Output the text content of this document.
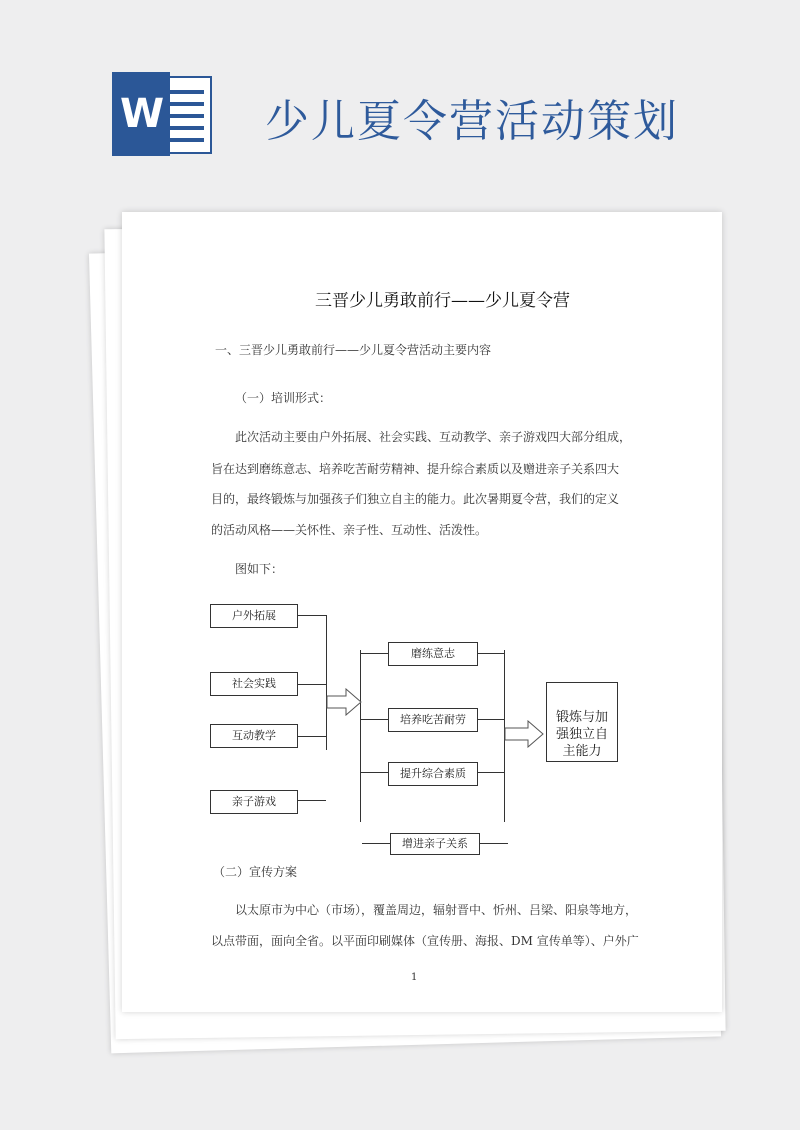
W 少儿夏令营活动策划
三晋少儿勇敢前行——少儿夏令营
一、三晋少儿勇敢前行——少儿夏令营活动主要内容
（一）培训形式：
此次活动主要由户外拓展、社会实践、互动教学、亲子游戏四大部分组成，
旨在达到磨练意志、培养吃苦耐劳精神、提升综合素质以及赠进亲子关系四大
目的，最终锻炼与加强孩子们独立自主的能力。此次暑期夏令营，我们的定义
的活动风格——关怀性、亲子性、互动性、活泼性。
图如下：
户外拓展
社会实践
互动教学
亲子游戏
磨练意志
培养吃苦耐劳
提升综合素质
增进亲子关系
锻炼与加
强独立自
主能力
（二）宣传方案
以太原市为中心（市场），覆盖周边，辐射晋中、忻州、吕梁、阳泉等地方，
以点带面，面向全省。以平面印刷媒体（宣传册、海报、DM 宣传单等）、户外广
1
